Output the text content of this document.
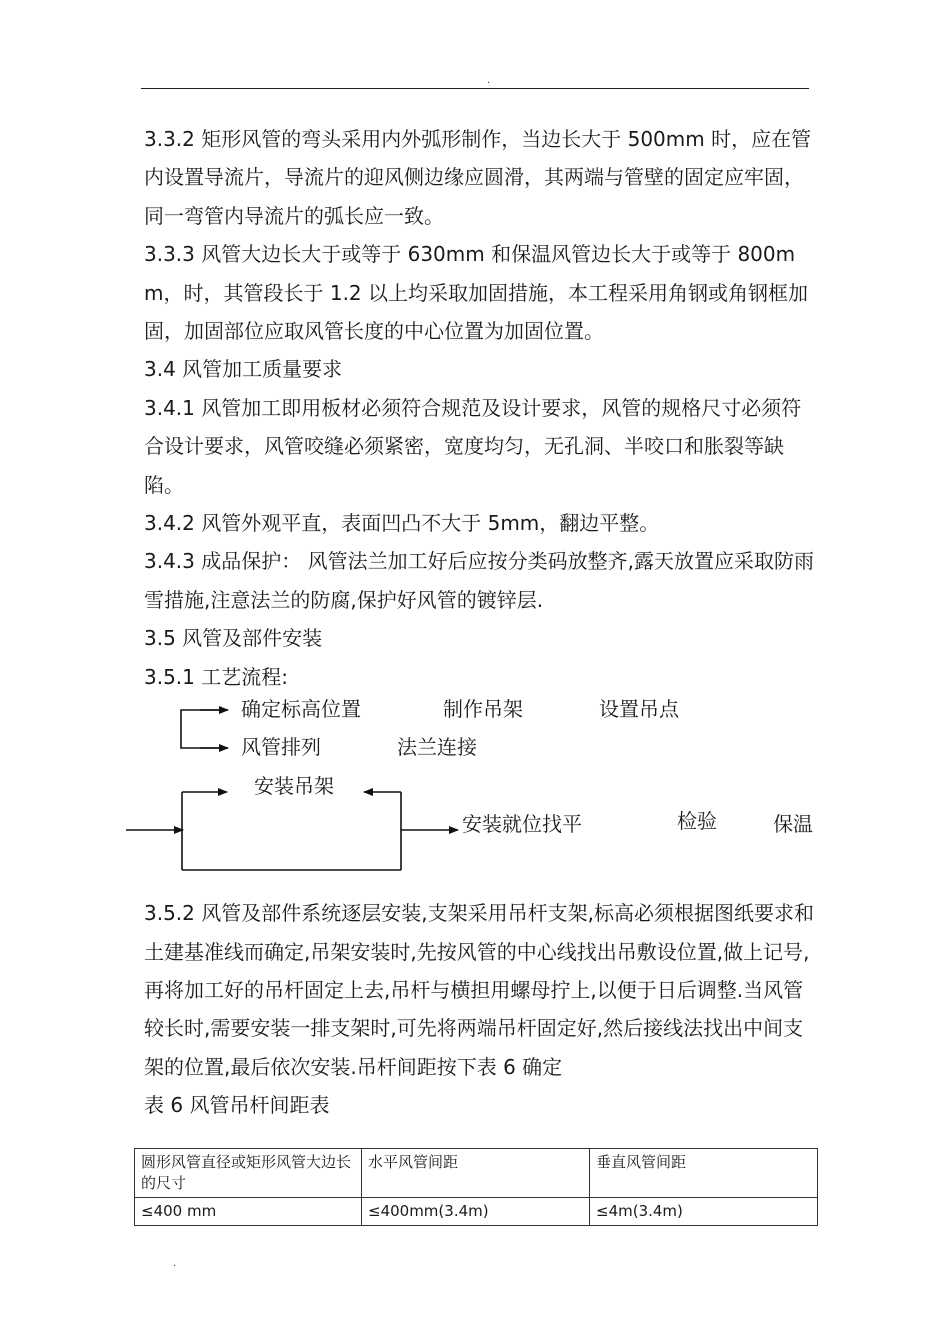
.

3.3.2 矩形风管的弯头采用内外弧形制作，当边长大于 500mm 时，应在管内设置导流片，导流片的迎风侧边缘应圆滑，其两端与管壁的固定应牢固，同一弯管内导流片的弧长应一致。

3.3.3 风管大边长大于或等于 630mm 和保温风管边长大于或等于 800mm，时，其管段长于 1.2 以上均采取加固措施，本工程采用角钢或角钢框加固，加固部位应取风管长度的中心位置为加固位置。

3.4 风管加工质量要求

3.4.1 风管加工即用板材必须符合规范及设计要求，风管的规格尺寸必须符合设计要求，风管咬缝必须紧密，宽度均匀，无孔洞、半咬口和胀裂等缺陷。

3.4.2 风管外观平直，表面凹凸不大于 5mm，翻边平整。

3.4.3 成品保护： 风管法兰加工好后应按分类码放整齐,露天放置应采取防雨雪措施,注意法兰的防腐,保护好风管的镀锌层.

3.5 风管及部件安装

3.5.1 工艺流程:

确定标高位置	制作吊架	设置吊点
风管排列	法兰连接
安装吊架
安装就位找平	检验	保温

3.5.2 风管及部件系统逐层安装,支架采用吊杆支架,标高必须根据图纸要求和土建基准线而确定,吊架安装时,先按风管的中心线找出吊敷设位置,做上记号,再将加工好的吊杆固定上去,吊杆与横担用螺母拧上,以便于日后调整.当风管较长时,需要安装一排支架时,可先将两端吊杆固定好,然后接线法找出中间支架的位置,最后依次安装.吊杆间距按下表 6 确定

表 6 风管吊杆间距表

圆形风管直径或矩形风管大边长的尺寸	水平风管间距	垂直风管间距
≤400 mm	≤400mm(3.4m)	≤4m(3.4m)
.
